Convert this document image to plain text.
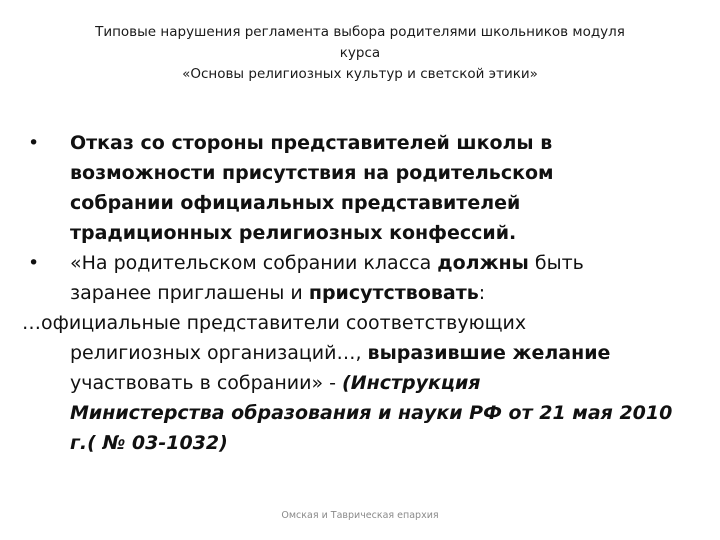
Типовые нарушения регламента выбора родителями школьников модуля
курса
«Основы религиозных культур и светской этики»
• Отказ со стороны представителей школы в
возможности присутствия на родительском
собрании официальных представителей
традиционных религиозных конфессий.
• «На родительском собрании класса должны быть
заранее приглашены и присутствовать:
…официальные представители соответствующих
религиозных организаций…, выразившие желание
участвовать в собрании» - (Инструкция
Министерства образования и науки РФ от 21 мая 2010
г.( № 03-1032)
Омская и Таврическая епархия
